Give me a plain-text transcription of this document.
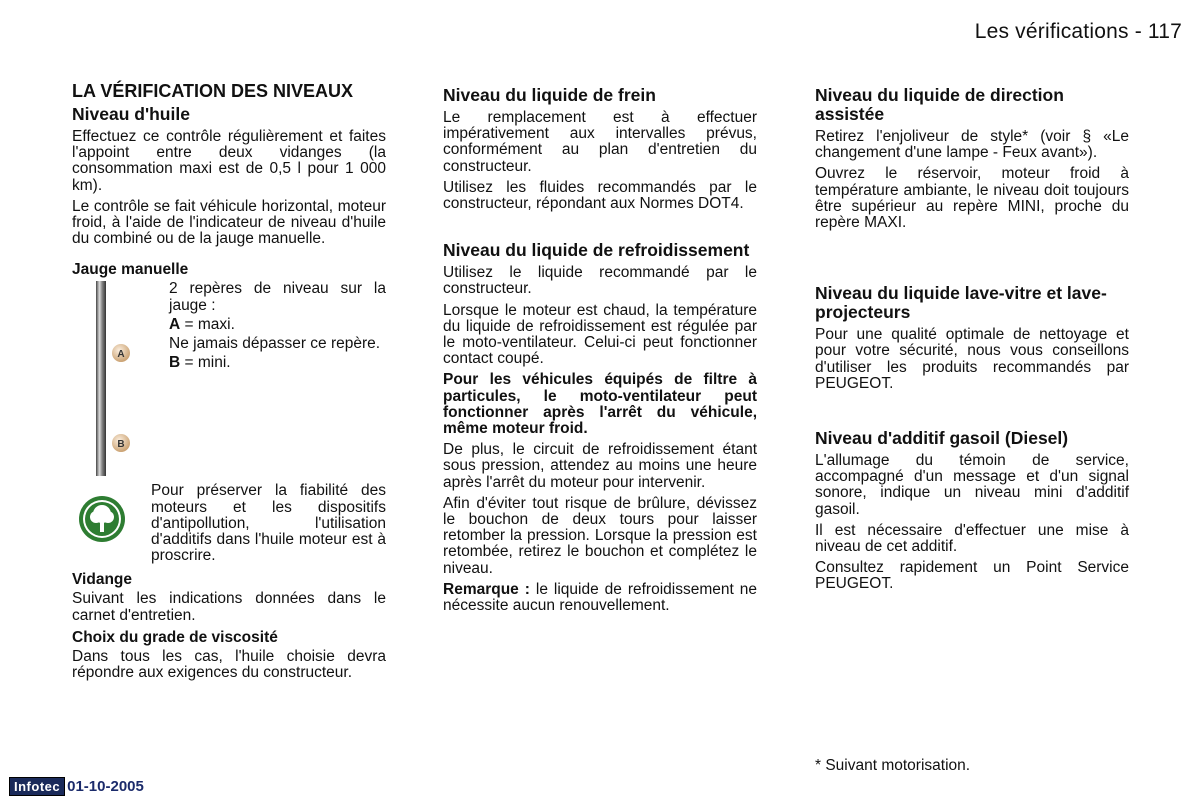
Les vérifications - 117
LA VÉRIFICATION DES NIVEAUX
Niveau d'huile

Effectuez ce contrôle régulièrement et faites l'appoint entre deux vidanges (la consommation maxi est de 0,5 l pour 1 000 km).

Le contrôle se fait véhicule horizontal, moteur froid, à l'aide de l'indicateur de niveau d'huile du combiné ou de la jauge manuelle.

Jauge manuelle
A
B

2 repères de niveau sur la jauge :

A = maxi.

Ne jamais dépasser ce repère.

B = mini.

Pour préserver la fiabilité des moteurs et les dispositifs d'antipollution, l'utilisation d'additifs dans l'huile moteur est à proscrire.

Vidange

Suivant les indications données dans le carnet d'entretien.

Choix du grade de viscosité

Dans tous les cas, l'huile choisie devra répondre aux exigences du constructeur.

Niveau du liquide de frein

Le remplacement est à effectuer impérativement aux intervalles prévus, conformément au plan d'entretien du constructeur.

Utilisez les fluides recommandés par le constructeur, répondant aux Normes DOT4.

Niveau du liquide de refroidissement

Utilisez le liquide recommandé par le constructeur.

Lorsque le moteur est chaud, la température du liquide de refroidissement est régulée par le moto-ventilateur. Celui-ci peut fonctionner contact coupé.

Pour les véhicules équipés de filtre à particules, le moto-ventilateur peut fonctionner après l'arrêt du véhicule, même moteur froid.

De plus, le circuit de refroidissement étant sous pression, attendez au moins une heure après l'arrêt du moteur pour intervenir.

Afin d'éviter tout risque de brûlure, dévissez le bouchon de deux tours pour laisser retomber la pression. Lorsque la pression est retombée, retirez le bouchon et complétez le niveau.

Remarque : le liquide de refroidissement ne nécessite aucun renouvellement.

Niveau du liquide de direction assistée

Retirez l'enjoliveur de style* (voir § «Le changement d'une lampe - Feux avant»).

Ouvrez le réservoir, moteur froid à température ambiante, le niveau doit toujours être supérieur au repère MINI, proche du repère MAXI.

Niveau du liquide lave-vitre et lave-projecteurs

Pour une qualité optimale de nettoyage et pour votre sécurité, nous vous conseillons d'utiliser les produits recommandés par PEUGEOT.

Niveau d'additif gasoil (Diesel)

L'allumage du témoin de service, accompagné d'un message et d'un signal sonore, indique un niveau mini d'additif gasoil.

Il est nécessaire d'effectuer une mise à niveau de cet additif.

Consultez rapidement un Point Service PEUGEOT.

* Suivant motorisation.
Infotec 01-10-2005
